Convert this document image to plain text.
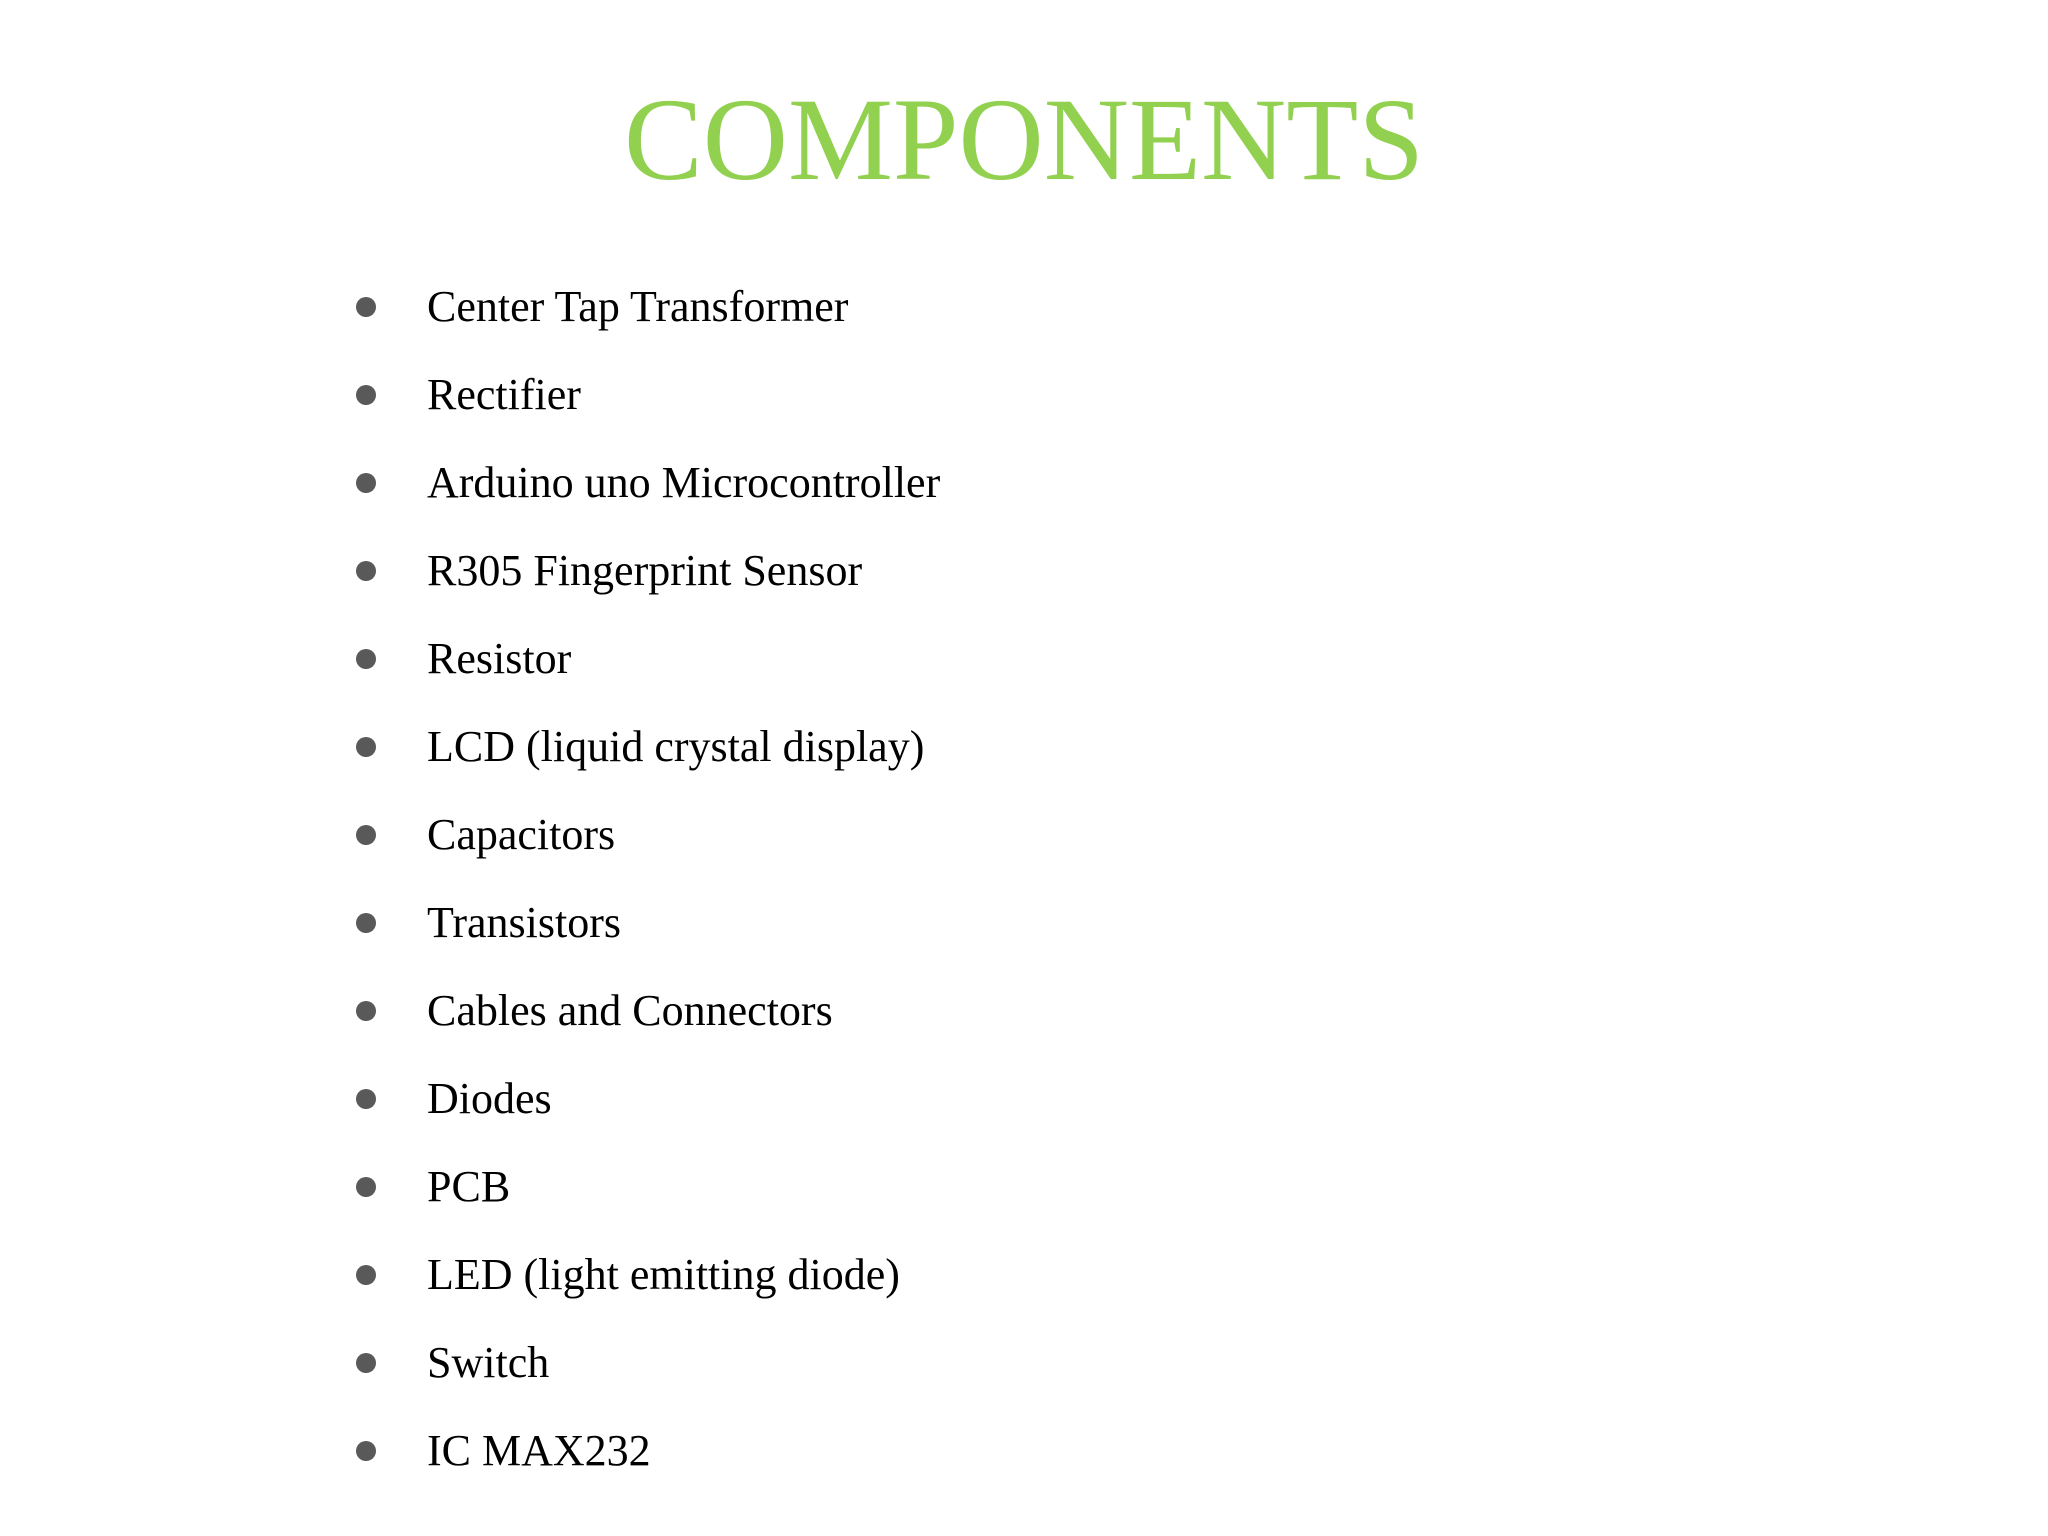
COMPONENTS
Center Tap Transformer
Rectifier
Arduino uno Microcontroller
R305 Fingerprint Sensor
Resistor
LCD (liquid crystal display)
Capacitors
Transistors
Cables and Connectors
Diodes
PCB
LED (light emitting diode)
Switch
IC MAX232
